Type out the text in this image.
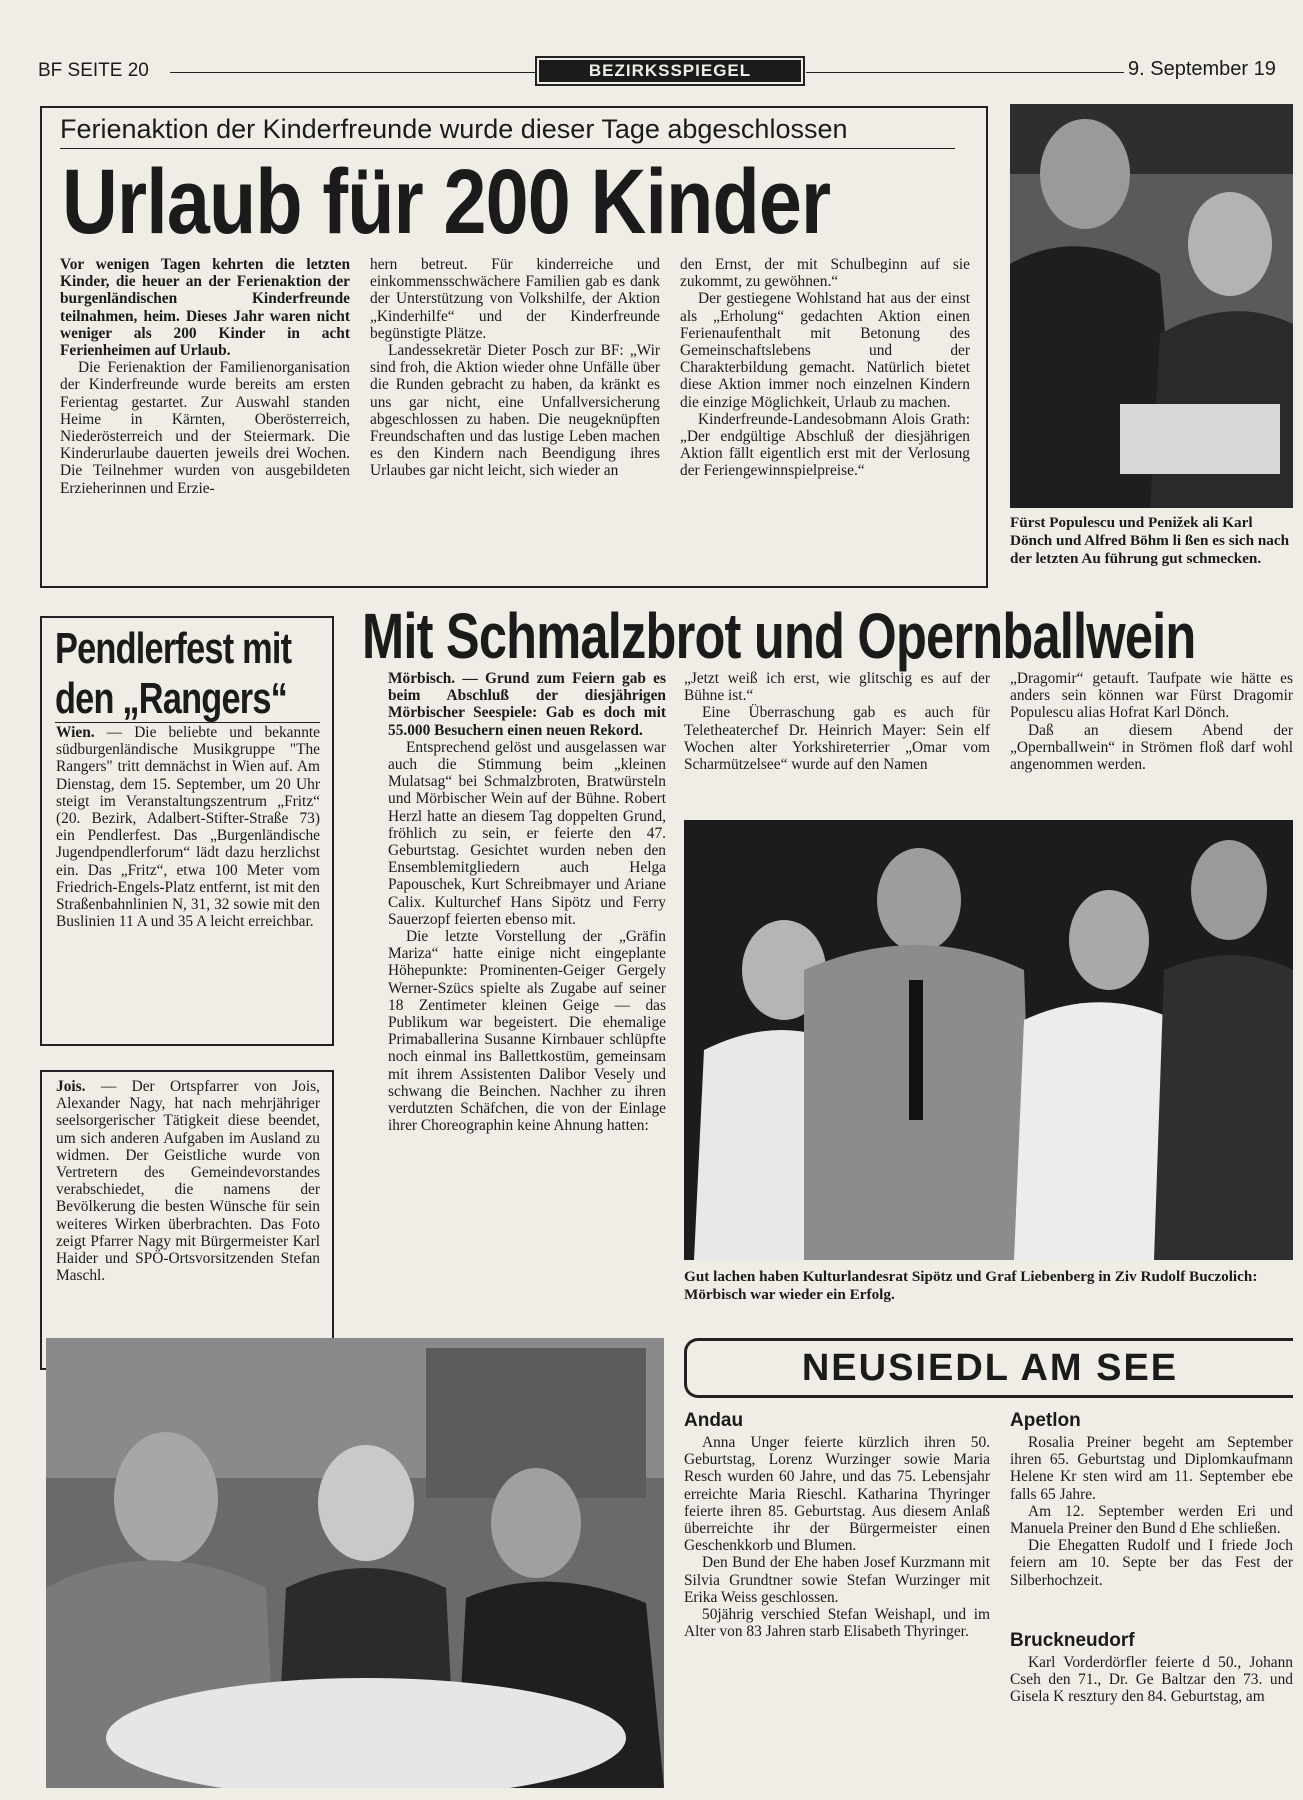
BF SEITE 20	BEZIRKSSPIEGEL	9. September 19
Ferienaktion der Kinderfreunde wurde dieser Tage abgeschlossen
Urlaub für 200 Kinder

Vor wenigen Tagen kehrten die letzten Kinder, die heuer an der Ferienaktion der burgenländischen Kinderfreunde teilnahmen, heim. Dieses Jahr waren nicht weniger als 200 Kinder in acht Ferienheimen auf Urlaub.

Die Ferienaktion der Familienorganisation der Kinderfreunde wurde bereits am ersten Ferientag gestartet. Zur Auswahl standen Heime in Kärnten, Oberösterreich, Niederösterreich und der Steiermark. Die Kinderurlaube dauerten jeweils drei Wochen. Die Teilnehmer wurden von ausgebildeten Erzieherinnen und Erzie-

hern betreut. Für kinderreiche und einkommensschwächere Familien gab es dank der Unterstützung von Volkshilfe, der Aktion „Kinderhilfe“ und der Kinderfreunde begünstigte Plätze.

Landessekretär Dieter Posch zur BF: „Wir sind froh, die Aktion wieder ohne Unfälle über die Runden gebracht zu haben, da kränkt es uns gar nicht, eine Unfallversicherung abgeschlossen zu haben. Die neugeknüpften Freundschaften und das lustige Leben machen es den Kindern nach Beendigung ihres Urlaubes gar nicht leicht, sich wieder an

den Ernst, der mit Schulbeginn auf sie zukommt, zu gewöhnen.“

Der gestiegene Wohlstand hat aus der einst als „Erholung“ gedachten Aktion einen Ferienaufenthalt mit Betonung des Gemeinschaftslebens und der Charakterbildung gemacht. Natürlich bietet diese Aktion immer noch einzelnen Kindern die einzige Möglichkeit, Urlaub zu machen.

Kinderfreunde-Landesobmann Alois Grath: „Der endgültige Abschluß der diesjährigen Aktion fällt eigentlich erst mit der Verlosung der Feriengewinnspielpreise.“

Fürst Populescu und Penižek ali Karl Dönch und Alfred Böhm li ßen es sich nach der letzten Au führung gut schmecken.
Pendlerfest mit
den „Rangers“

Wien. — Die beliebte und bekannte südburgenländische Musikgruppe "The Rangers" tritt demnächst in Wien auf. Am Dienstag, dem 15. September, um 20 Uhr steigt im Veranstaltungszentrum „Fritz“ (20. Bezirk, Adalbert-Stifter-Straße 73) ein Pendlerfest. Das „Burgenländische Jugendpendlerforum“ lädt dazu herzlichst ein. Das „Fritz“, etwa 100 Meter vom Friedrich-Engels-Platz entfernt, ist mit den Straßenbahnlinien N, 31, 32 sowie mit den Buslinien 11 A und 35 A leicht erreichbar.

Jois. — Der Ortspfarrer von Jois, Alexander Nagy, hat nach mehrjähriger seelsorgerischer Tätigkeit diese beendet, um sich anderen Aufgaben im Ausland zu widmen. Der Geistliche wurde von Vertretern des Gemeindevorstandes verabschiedet, die namens der Bevölkerung die besten Wünsche für sein weiteres Wirken überbrachten. Das Foto zeigt Pfarrer Nagy mit Bürgermeister Karl Haider und SPÖ-Ortsvorsitzenden Stefan Maschl.

Mit Schmalzbrot und Opernballwein

Mörbisch. — Grund zum Feiern gab es beim Abschluß der diesjährigen Mörbischer Seespiele: Gab es doch mit 55.000 Besuchern einen neuen Rekord.

Entsprechend gelöst und ausgelassen war auch die Stimmung beim „kleinen Mulatsag“ bei Schmalzbroten, Bratwürsteln und Mörbischer Wein auf der Bühne. Robert Herzl hatte an diesem Tag doppelten Grund, fröhlich zu sein, er feierte den 47. Geburtstag. Gesichtet wurden neben den Ensemblemitgliedern auch Helga Papouschek, Kurt Schreibmayer und Ariane Calix. Kulturchef Hans Sipötz und Ferry Sauerzopf feierten ebenso mit.

Die letzte Vorstellung der „Gräfin Mariza“ hatte einige nicht eingeplante Höhepunkte: Prominenten-Geiger Gergely Werner-Szücs spielte als Zugabe auf seiner 18 Zentimeter kleinen Geige — das Publikum war begeistert. Die ehemalige Primaballerina Susanne Kirnbauer schlüpfte noch einmal ins Ballettkostüm, gemeinsam mit ihrem Assistenten Dalibor Vesely und schwang die Beinchen. Nachher zu ihren verdutzten Schäfchen, die von der Einlage ihrer Choreographin keine Ahnung hatten:

„Jetzt weiß ich erst, wie glitschig es auf der Bühne ist.“

Eine Überraschung gab es auch für Teletheaterchef Dr. Heinrich Mayer: Sein elf Wochen alter Yorkshireterrier „Omar vom Scharmützelsee“ wurde auf den Namen

„Dragomir“ getauft. Taufpate wie hätte es anders sein können war Fürst Dragomir Populescu alias Hofrat Karl Dönch.

Daß an diesem Abend der „Opernballwein“ in Strömen floß darf wohl angenommen werden.

Gut lachen haben Kulturlandesrat Sipötz und Graf Liebenberg in Ziv Rudolf Buczolich: Mörbisch war wieder ein Erfolg.
NEUSIEDL AM SEE
Andau

Anna Unger feierte kürzlich ihren 50. Geburtstag, Lorenz Wurzinger sowie Maria Resch wurden 60 Jahre, und das 75. Lebensjahr erreichte Maria Rieschl. Katharina Thyringer feierte ihren 85. Geburtstag. Aus diesem Anlaß überreichte ihr der Bürgermeister einen Geschenkkorb und Blumen.

Den Bund der Ehe haben Josef Kurzmann mit Silvia Grundtner sowie Stefan Wurzinger mit Erika Weiss geschlossen.

50jährig verschied Stefan Weishapl, und im Alter von 83 Jahren starb Elisabeth Thyringer.

Apetlon

Rosalia Preiner begeht am September ihren 65. Geburtstag und Diplomkaufmann Helene Kr sten wird am 11. September ebe falls 65 Jahre.

Am 12. September werden Eri und Manuela Preiner den Bund d Ehe schließen.

Die Ehegatten Rudolf und I friede Joch feiern am 10. Septe ber das Fest der Silberhochzeit.

Bruckneudorf

Karl Vorderdörfler feierte d 50., Johann Cseh den 71., Dr. Ge Baltzar den 73. und Gisela K resztury den 84. Geburtstag, am
